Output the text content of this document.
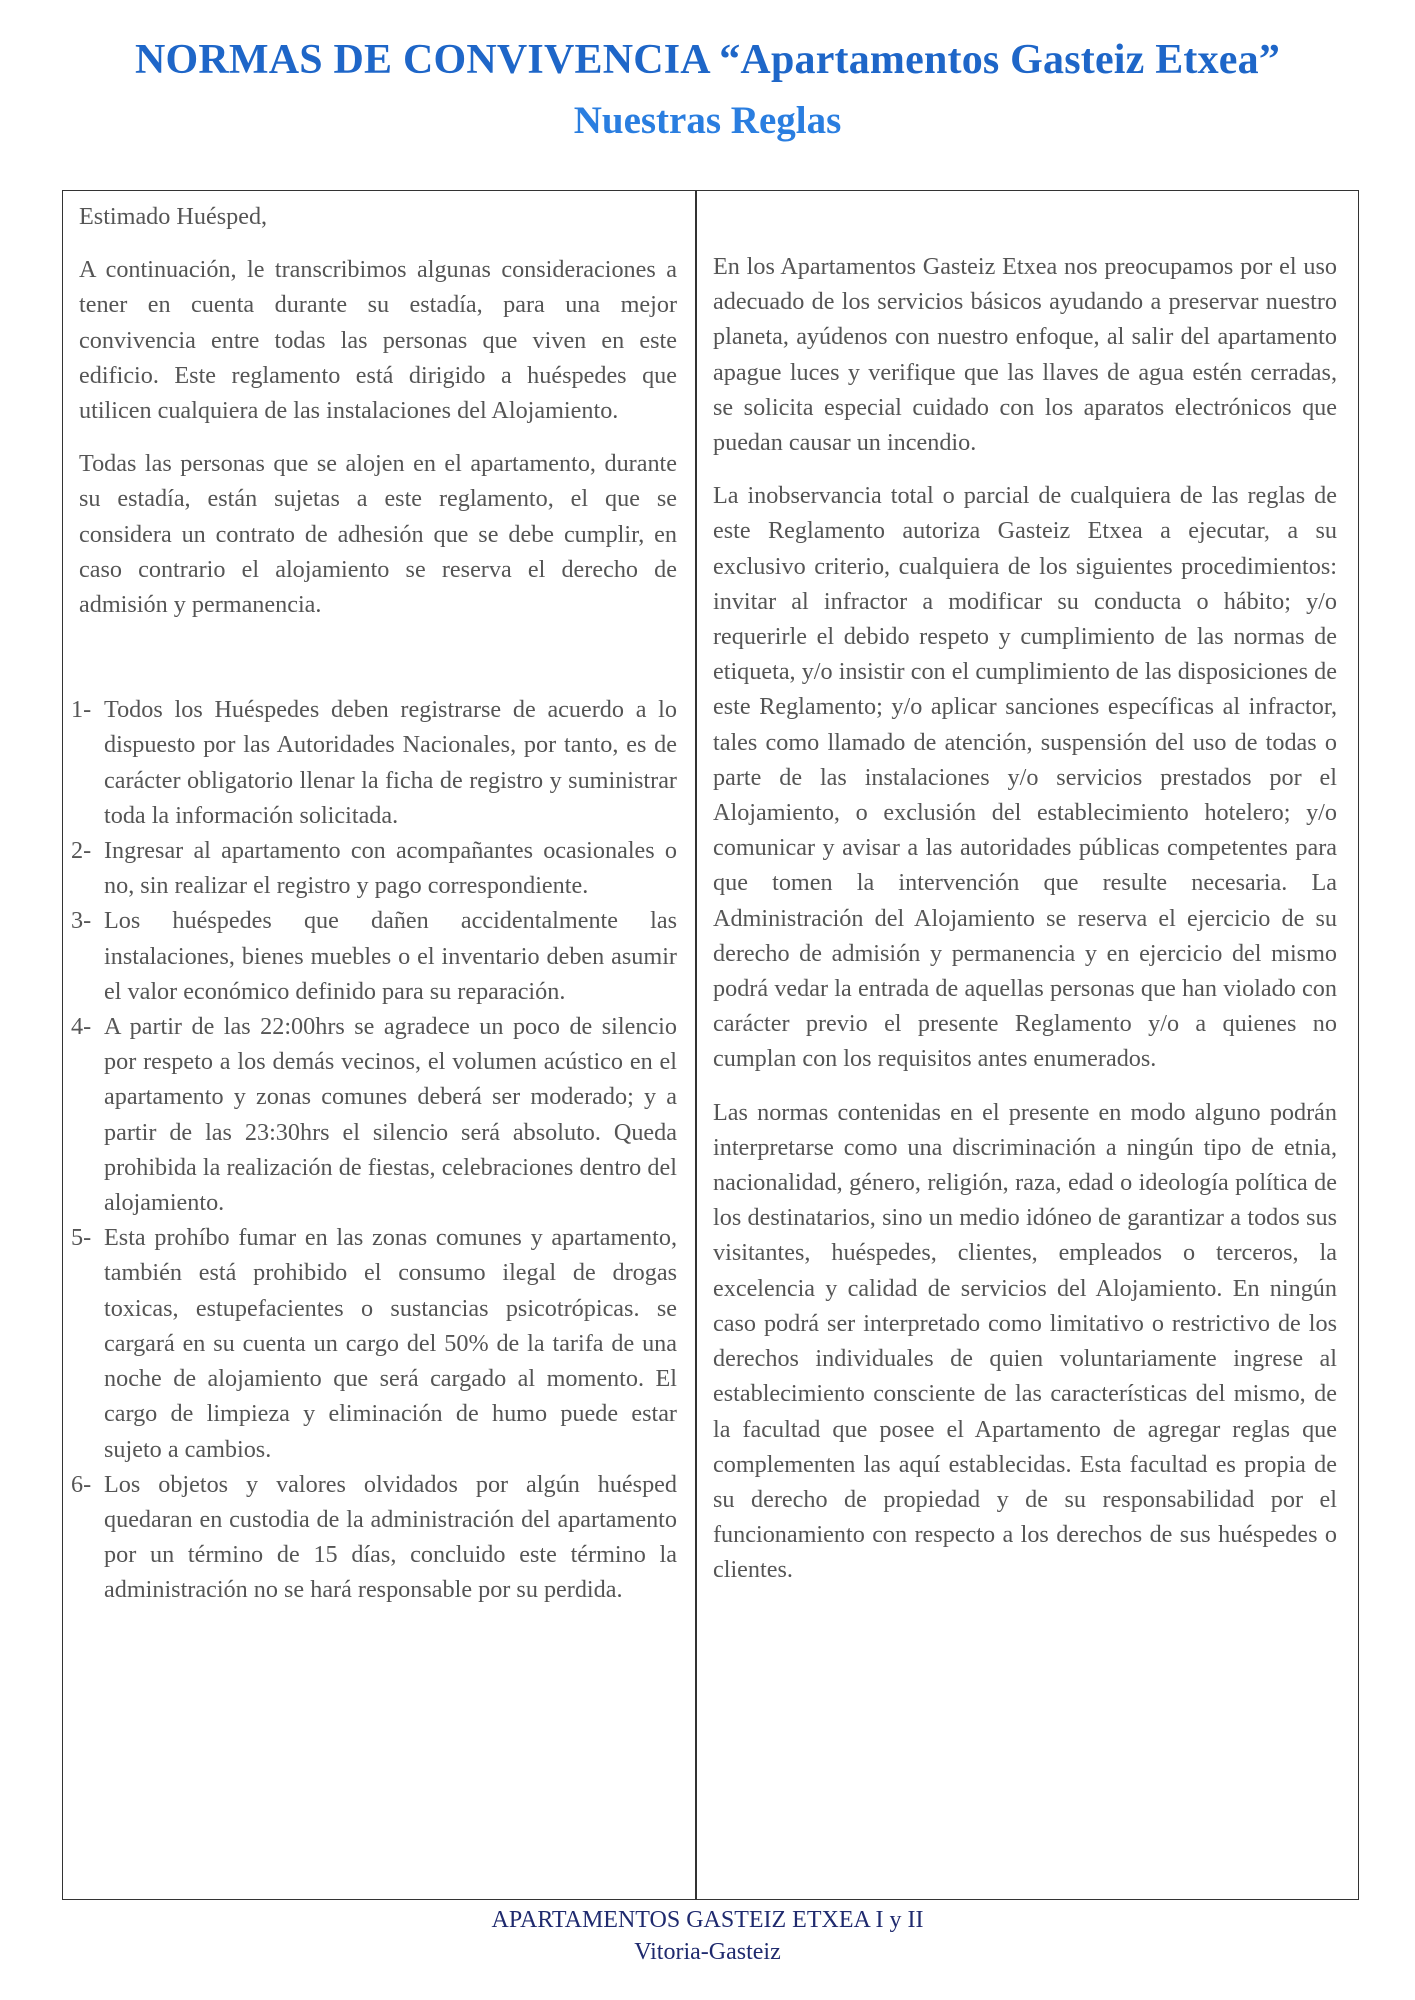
NORMAS DE CONVIVENCIA “Apartamentos Gasteiz Etxea”
Nuestras Reglas

Estimado Huésped,

A continuación, le transcribimos algunas consideraciones a tener en cuenta durante su estadía, para una mejor convivencia entre todas las personas que viven en este edificio. Este reglamento está dirigido a huéspedes que utilicen cualquiera de las instalaciones del Alojamiento.

Todas las personas que se alojen en el apartamento, durante su estadía, están sujetas a este reglamento, el que se considera un contrato de adhesión que se debe cumplir, en caso contrario el alojamiento se reserva el derecho de admisión y permanencia.

1- Todos los Huéspedes deben registrarse de acuerdo a lo dispuesto por las Autoridades Nacionales, por tanto, es de carácter obligatorio llenar la ficha de registro y suministrar toda la información solicitada.
2- Ingresar al apartamento con acompañantes ocasionales o no, sin realizar el registro y pago correspondiente.
3- Los huéspedes que dañen accidentalmente las instalaciones, bienes muebles o el inventario deben asumir el valor económico definido para su reparación.
4- A partir de las 22:00hrs se agradece un poco de silencio por respeto a los demás vecinos, el volumen acústico en el apartamento y zonas comunes deberá ser moderado; y a partir de las 23:30hrs el silencio será absoluto. Queda prohibida la realización de fiestas, celebraciones dentro del alojamiento.
5- Esta prohíbo fumar en las zonas comunes y apartamento, también está prohibido el consumo ilegal de drogas toxicas, estupefacientes o sustancias psicotrópicas. se cargará en su cuenta un cargo del 50% de la tarifa de una noche de alojamiento que será cargado al momento. El cargo de limpieza y eliminación de humo puede estar sujeto a cambios.
6- Los objetos y valores olvidados por algún huésped quedaran en custodia de la administración del apartamento por un término de 15 días, concluido este término la administración no se hará responsable por su perdida.

En los Apartamentos Gasteiz Etxea nos preocupamos por el uso adecuado de los servicios básicos ayudando a preservar nuestro planeta, ayúdenos con nuestro enfoque, al salir del apartamento apague luces y verifique que las llaves de agua estén cerradas, se solicita especial cuidado con los aparatos electrónicos que puedan causar un incendio.

La inobservancia total o parcial de cualquiera de las reglas de este Reglamento autoriza Gasteiz Etxea a ejecutar, a su exclusivo criterio, cualquiera de los siguientes procedimientos: invitar al infractor a modificar su conducta o hábito; y/o requerirle el debido respeto y cumplimiento de las normas de etiqueta, y/o insistir con el cumplimiento de las disposiciones de este Reglamento; y/o aplicar sanciones específicas al infractor, tales como llamado de atención, suspensión del uso de todas o parte de las instalaciones y/o servicios prestados por el Alojamiento, o exclusión del establecimiento hotelero; y/o comunicar y avisar a las autoridades públicas competentes para que tomen la intervención que resulte necesaria. La Administración del Alojamiento se reserva el ejercicio de su derecho de admisión y permanencia y en ejercicio del mismo podrá vedar la entrada de aquellas personas que han violado con carácter previo el presente Reglamento y/o a quienes no cumplan con los requisitos antes enumerados.

Las normas contenidas en el presente en modo alguno podrán interpretarse como una discriminación a ningún tipo de etnia, nacionalidad, género, religión, raza, edad o ideología política de los destinatarios, sino un medio idóneo de garantizar a todos sus visitantes, huéspedes, clientes, empleados o terceros, la excelencia y calidad de servicios del Alojamiento. En ningún caso podrá ser interpretado como limitativo o restrictivo de los derechos individuales de quien voluntariamente ingrese al establecimiento consciente de las características del mismo, de la facultad que posee el Apartamento de agregar reglas que complementen las aquí establecidas. Esta facultad es propia de su derecho de propiedad y de su responsabilidad por el funcionamiento con respecto a los derechos de sus huéspedes o clientes.

APARTAMENTOS GASTEIZ ETXEA I y II
Vitoria-Gasteiz
